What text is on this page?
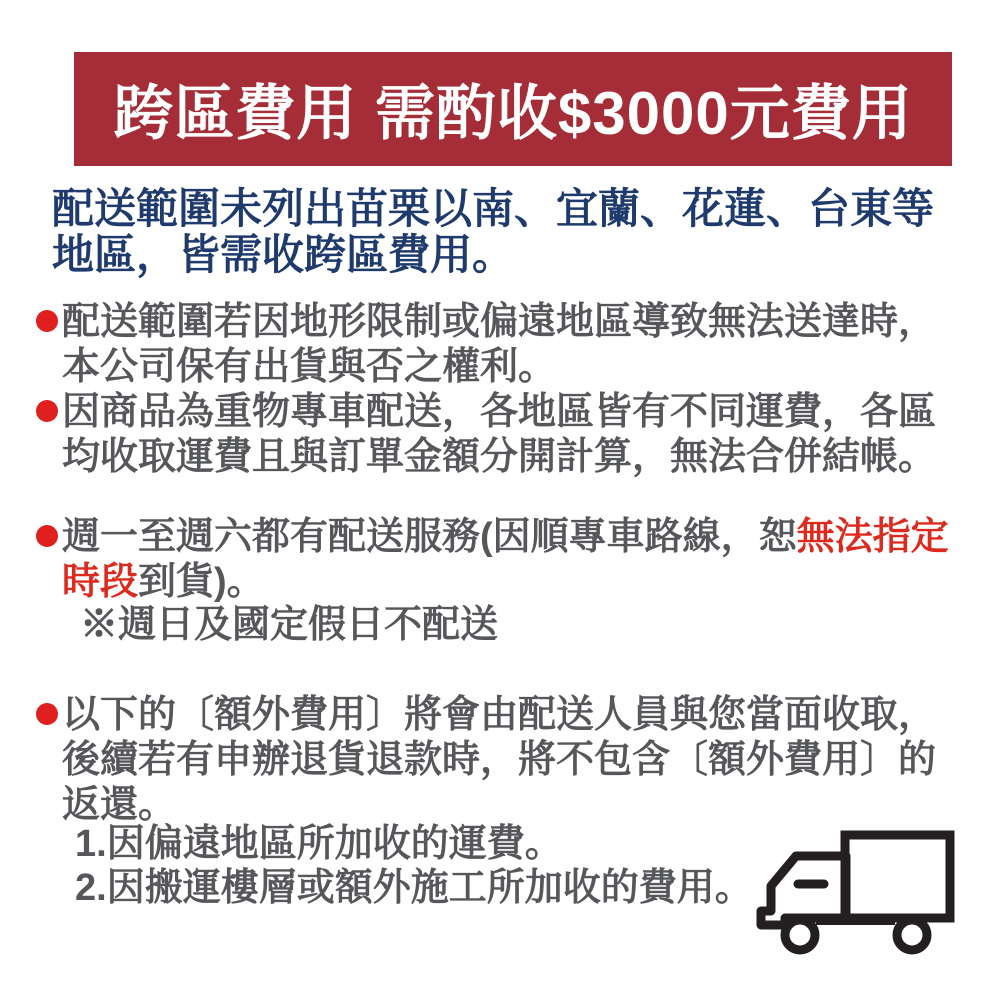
跨區費用 需酌收$3000元費用
配送範圍未列出苗栗以南、宜蘭、花蓮、台東等
地區，皆需收跨區費用。
配送範圍若因地形限制或偏遠地區導致無法送達時，
本公司保有出貨與否之權利。
因商品為重物專車配送，各地區皆有不同運費，各區
均收取運費且與訂單金額分開計算，無法合併結帳。
週一至週六都有配送服務(因順專車路線，恕無法指定
時段到貨)。
※週日及國定假日不配送
以下的〔額外費用〕將會由配送人員與您當面收取，
後續若有申辦退貨退款時，將不包含〔額外費用〕的
返還。
1.因偏遠地區所加收的運費。
2.因搬運樓層或額外施工所加收的費用。
